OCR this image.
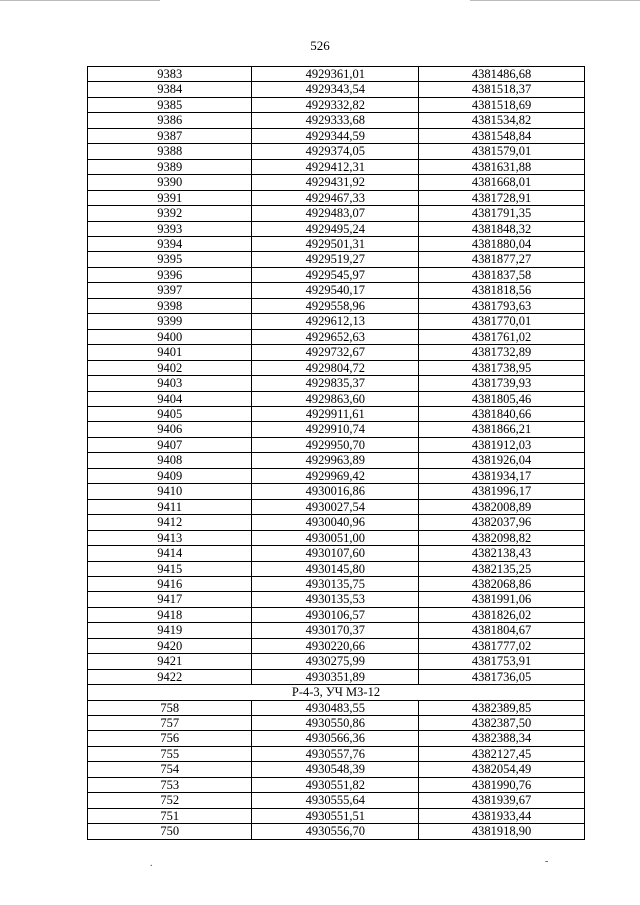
526
9383	4929361,01	4381486,68
9384	4929343,54	4381518,37
9385	4929332,82	4381518,69
9386	4929333,68	4381534,82
9387	4929344,59	4381548,84
9388	4929374,05	4381579,01
9389	4929412,31	4381631,88
9390	4929431,92	4381668,01
9391	4929467,33	4381728,91
9392	4929483,07	4381791,35
9393	4929495,24	4381848,32
9394	4929501,31	4381880,04
9395	4929519,27	4381877,27
9396	4929545,97	4381837,58
9397	4929540,17	4381818,56
9398	4929558,96	4381793,63
9399	4929612,13	4381770,01
9400	4929652,63	4381761,02
9401	4929732,67	4381732,89
9402	4929804,72	4381738,95
9403	4929835,37	4381739,93
9404	4929863,60	4381805,46
9405	4929911,61	4381840,66
9406	4929910,74	4381866,21
9407	4929950,70	4381912,03
9408	4929963,89	4381926,04
9409	4929969,42	4381934,17
9410	4930016,86	4381996,17
9411	4930027,54	4382008,89
9412	4930040,96	4382037,96
9413	4930051,00	4382098,82
9414	4930107,60	4382138,43
9415	4930145,80	4382135,25
9416	4930135,75	4382068,86
9417	4930135,53	4381991,06
9418	4930106,57	4381826,02
9419	4930170,37	4381804,67
9420	4930220,66	4381777,02
9421	4930275,99	4381753,91
9422	4930351,89	4381736,05
Р-4-3, УЧ МЗ-12		
758	4930483,55	4382389,85
757	4930550,86	4382387,50
756	4930566,36	4382388,34
755	4930557,76	4382127,45
754	4930548,39	4382054,49
753	4930551,82	4381990,76
752	4930555,64	4381939,67
751	4930551,51	4381933,44
750	4930556,70	4381918,90
.	-
